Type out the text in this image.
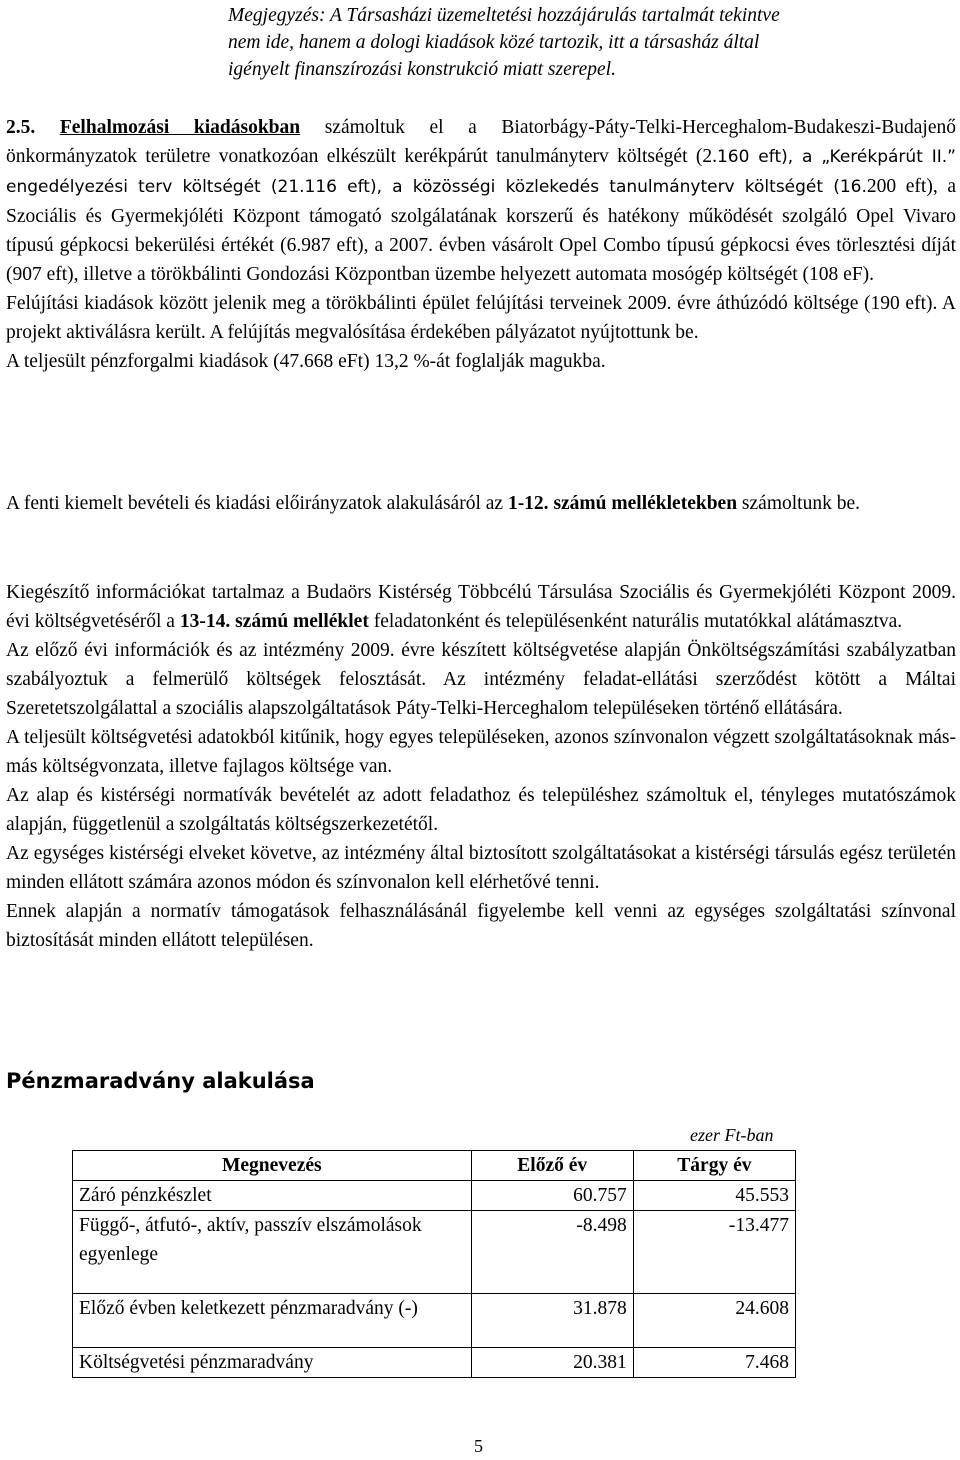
Megjegyzés: A Társasházi üzemeltetési hozzájárulás tartalmát tekintve
nem ide, hanem a dologi kiadások közé tartozik, itt a társasház által
igényelt finanszírozási konstrukció miatt szerepel.

2.5. Felhalmozási kiadásokban számoltuk el a Biatorbágy-Páty-Telki-Herceghalom-Budakeszi-Budajenő önkormányzatok területre vonatkozóan elkészült kerékpárút tanulmányterv költségét (2.160 eft), a „Kerékpárút II.” engedélyezési terv költségét (21.116 eft), a közösségi közlekedés tanulmányterv költségét (16.200 eft), a Szociális és Gyermekjóléti Központ támogató szolgálatának korszerű és hatékony működését szolgáló Opel Vivaro típusú gépkocsi bekerülési értékét (6.987 eft), a 2007. évben vásárolt Opel Combo típusú gépkocsi éves törlesztési díját (907 eft), illetve a törökbálinti Gondozási Központban üzembe helyezett automata mosógép költségét (108 eF).

Felújítási kiadások között jelenik meg a törökbálinti épület felújítási terveinek 2009. évre áthúzódó költsége (190 eft). A projekt aktiválásra került. A felújítás megvalósítása érdekében pályázatot nyújtottunk be.

A teljesült pénzforgalmi kiadások (47.668 eFt) 13,2 %-át foglalják magukba.

A fenti kiemelt bevételi és kiadási előirányzatok alakulásáról az 1-12. számú mellékletekben számoltunk be.

Kiegészítő információkat tartalmaz a Budaörs Kistérség Többcélú Társulása Szociális és Gyermekjóléti Központ 2009. évi költségvetéséről a 13-14. számú melléklet feladatonként és településenként naturális mutatókkal alátámasztva.

Az előző évi információk és az intézmény 2009. évre készített költségvetése alapján Önköltségszámítási szabályzatban szabályoztuk a felmerülő költségek felosztását. Az intézmény feladat-ellátási szerződést kötött a Máltai Szeretetszolgálattal a szociális alapszolgáltatások Páty-Telki-Herceghalom településeken történő ellátására.

A teljesült költségvetési adatokból kitűnik, hogy egyes településeken, azonos színvonalon végzett szolgáltatásoknak más-más költségvonzata, illetve fajlagos költsége van.

Az alap és kistérségi normatívák bevételét az adott feladathoz és településhez számoltuk el, tényleges mutatószámok alapján, függetlenül a szolgáltatás költségszerkezetétől.

Az egységes kistérségi elveket követve, az intézmény által biztosított szolgáltatásokat a kistérségi társulás egész területén minden ellátott számára azonos módon és színvonalon kell elérhetővé tenni.

Ennek alapján a normatív támogatások felhasználásánál figyelembe kell venni az egységes szolgáltatási színvonal biztosítását minden ellátott településen.

Pénzmaradvány alakulása
ezer Ft-ban
Megnevezés	Előző év	Tárgy év
Záró pénzkészlet	60.757	45.553

Függő-, átfutó-, aktív, passzív elszámolások egyenlege	-8.498	-13.477

Előző évben keletkezett pénzmaradvány (-)	31.878	24.608
Költségvetési pénzmaradvány	20.381	7.468
5
